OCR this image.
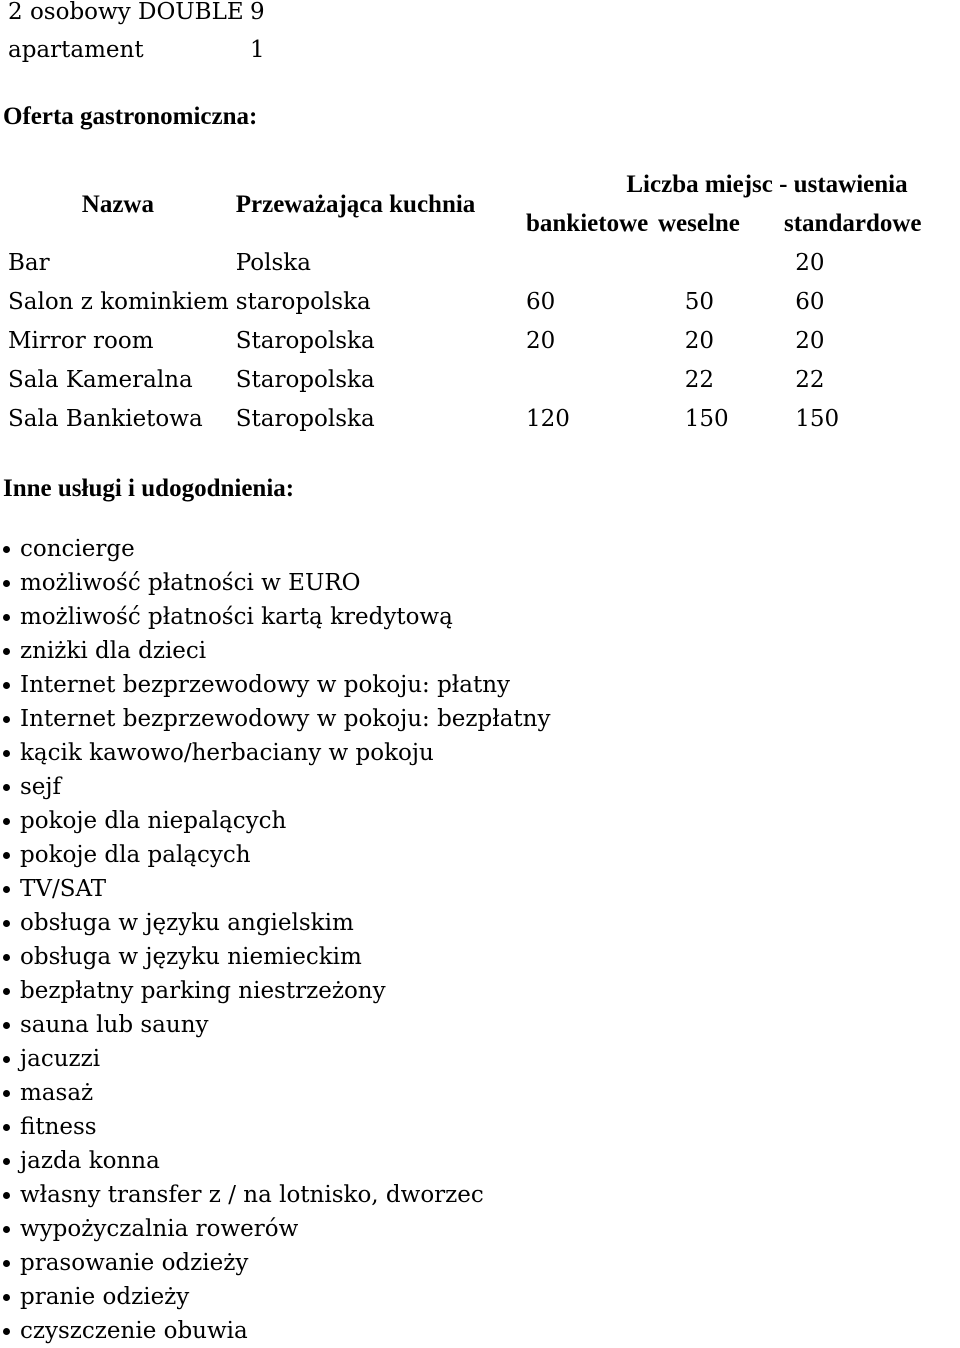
2 osobowy DOUBLE 9
apartament	1
Oferta gastronomiczna:
Nazwa	Przeważająca kuchnia	Liczba miejsc - ustawienia
bankietowe weselne standardowe		

Bar	Polska			20
Salon z kominkiem	staropolska	60	50	60
Mirror room	Staropolska	20	20	20
Sala Kameralna	Staropolska		22	22
Sala Bankietowa	Staropolska	120	150	150
Inne usługi i udogodnienia:
concierge
możliwość płatności w EURO
możliwość płatności kartą kredytową
zniżki dla dzieci
Internet bezprzewodowy w pokoju: płatny
Internet bezprzewodowy w pokoju: bezpłatny
kącik kawowo/herbaciany w pokoju
sejf
pokoje dla niepalących
pokoje dla palących
TV/SAT
obsługa w języku angielskim
obsługa w języku niemieckim
bezpłatny parking niestrzeżony
sauna lub sauny
jacuzzi
masaż
fitness
jazda konna
własny transfer z / na lotnisko, dworzec
wypożyczalnia rowerów
prasowanie odzieży
pranie odzieży
czyszczenie obuwia
